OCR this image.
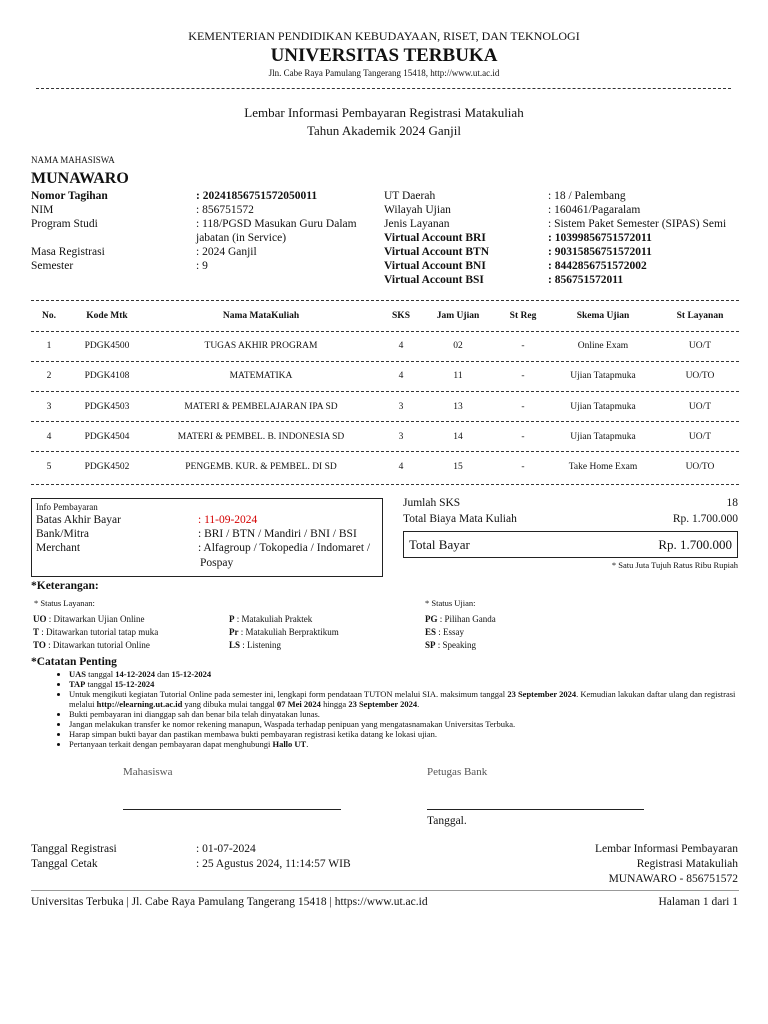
KEMENTERIAN PENDIDIKAN KEBUDAYAAN, RISET, DAN TEKNOLOGI
UNIVERSITAS TERBUKA
Jln. Cabe Raya Pamulang Tangerang 15418, http://www.ut.ac.id
Lembar Informasi Pembayaran Registrasi Matakuliah
Tahun Akademik 2024 Ganjil
NAMA MAHASISWA
MUNAWARO
Nomor Tagihan	: 20241856751572050011
NIM	: 856751572
Program Studi	: 118/PGSD Masukan Guru Dalam
jabatan (in Service)
Masa Registrasi	: 2024 Ganjil
Semester	: 9
UT Daerah	: 18 / Palembang
Wilayah Ujian	: 160461/Pagaralam
Jenis Layanan	: Sistem Paket Semester (SIPAS) Semi
Virtual Account BRI	: 10399856751572011
Virtual Account BTN	: 90315856751572011
Virtual Account BNI	: 8442856751572002
Virtual Account BSI	: 856751572011
No.	Kode Mtk	Nama MataKuliah	SKS	Jam Ujian	St Reg	Skema Ujian	St Layanan
1	PDGK4500	TUGAS AKHIR PROGRAM	4	02	-	Online Exam	UO/T
2	PDGK4108	MATEMATIKA	4	11	-	Ujian Tatapmuka	UO/TO
3	PDGK4503	MATERI & PEMBELAJARAN IPA SD	3	13	-	Ujian Tatapmuka	UO/T
4	PDGK4504	MATERI & PEMBEL. B. INDONESIA SD	3	14	-	Ujian Tatapmuka	UO/T
5	PDGK4502	PENGEMB. KUR. & PEMBEL. DI SD	4	15	-	Take Home Exam	UO/TO
Info Pembayaran
Batas Akhir Bayar	: 11-09-2024
Bank/Mitra	: BRI / BTN / Mandiri / BNI / BSI
Merchant	: Alfagroup / Tokopedia / Indomaret /
Pospay
Jumlah SKS	18
Total Biaya Mata Kuliah	Rp. 1.700.000
Total Bayar	Rp. 1.700.000
* Satu Juta Tujuh Ratus Ribu Rupiah
*Keterangan:
* Status Layanan:	* Status Ujian:
UO : Ditawarkan Ujian Online
T : Ditawarkan tutorial tatap muka
TO : Ditawarkan tutorial Online
P : Matakuliah Praktek
Pr : Matakuliah Berpraktikum
LS : Listening
PG : Pilihan Ganda
ES : Essay
SP : Speaking
*Catatan Penting
• UAS tanggal 14-12-2024 dan 15-12-2024
• TAP tanggal 15-12-2024
• Untuk mengikuti kegiatan Tutorial Online pada semester ini, lengkapi form pendataan TUTON melalui SIA. maksimum tanggal 23 September 2024. Kemudian lakukan daftar ulang dan registrasi melalui http://elearning.ut.ac.id yang dibuka mulai tanggal 07 Mei 2024 hingga 23 September 2024.
• Bukti pembayaran ini dianggap sah dan benar bila telah dinyatakan lunas.
• Jangan melakukan transfer ke nomor rekening manapun, Waspada terhadap penipuan yang mengatasnamakan Universitas Terbuka.
• Harap simpan bukti bayar dan pastikan membawa bukti pembayaran registrasi ketika datang ke lokasi ujian.
• Pertanyaan terkait dengan pembayaran dapat menghubungi Hallo UT.
Mahasiswa	Petugas Bank
Tanggal.
Tanggal Registrasi	: 01-07-2024
Tanggal Cetak	: 25 Agustus 2024, 11:14:57 WIB
Lembar Informasi Pembayaran
Registrasi Matakuliah
MUNAWARO - 856751572
Universitas Terbuka | Jl. Cabe Raya Pamulang Tangerang 15418 | https://www.ut.ac.id	Halaman 1 dari 1
